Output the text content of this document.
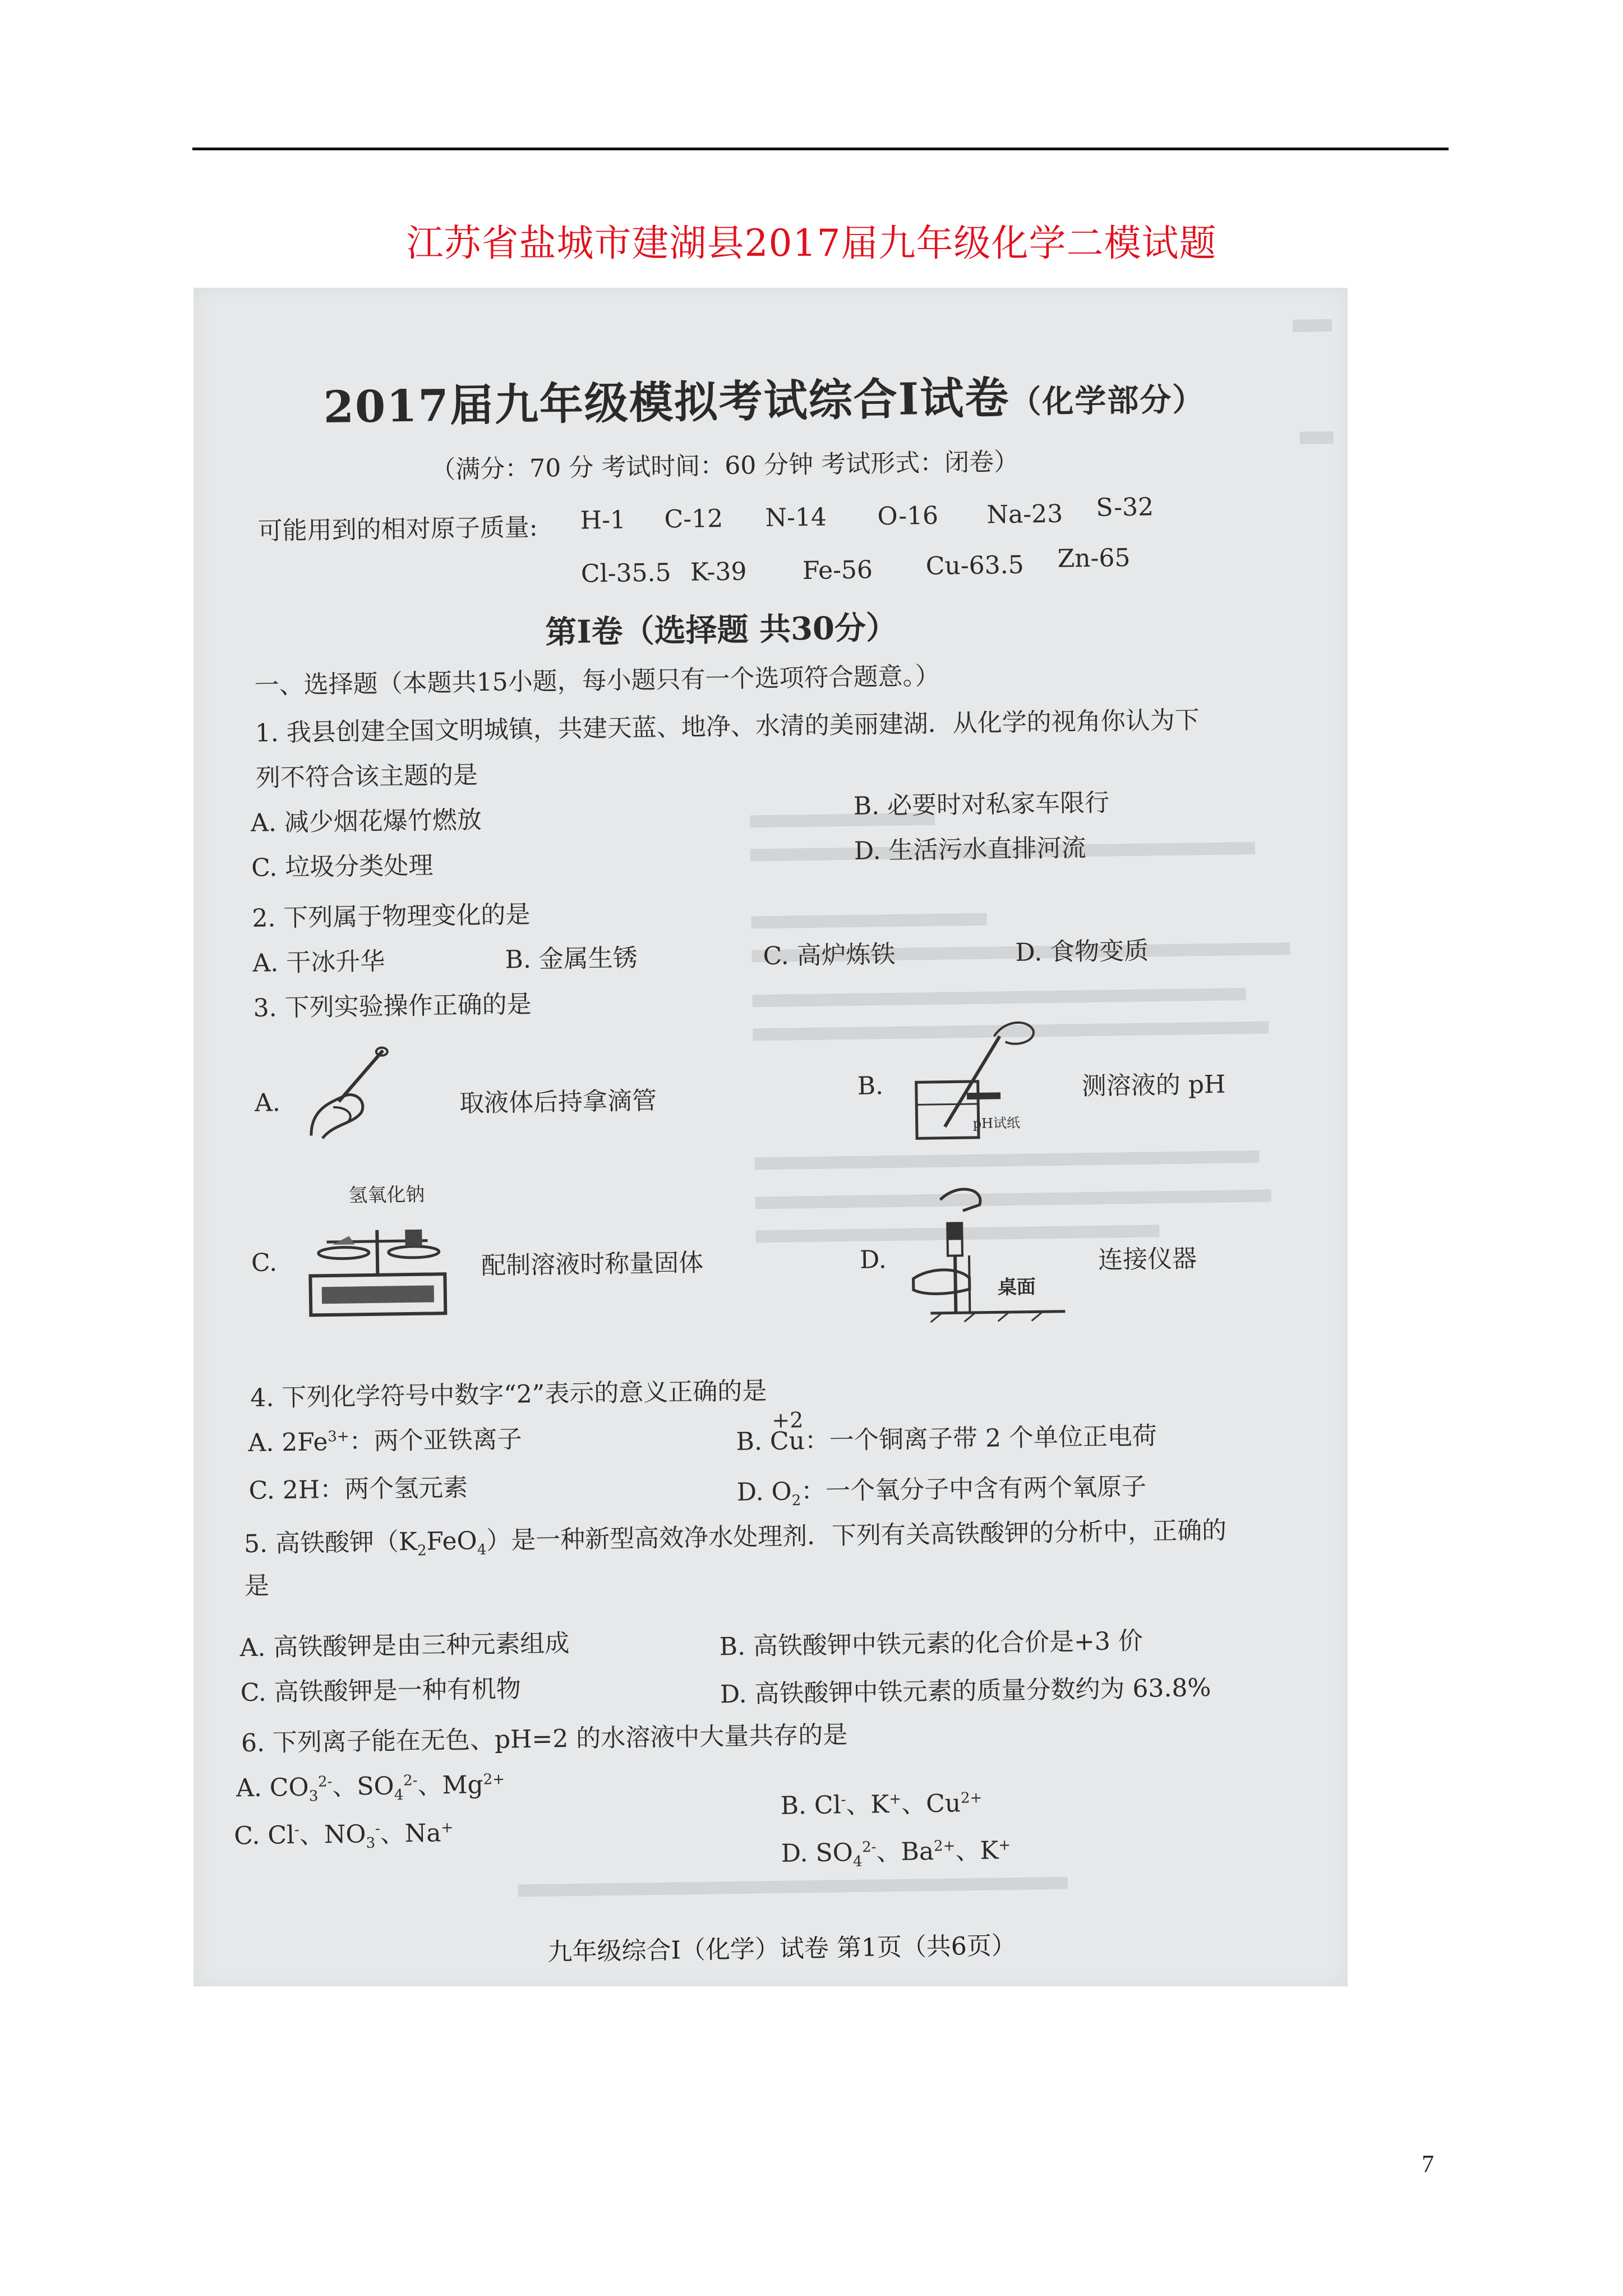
江苏省盐城市建湖县2017届九年级化学二模试题
2017届九年级模拟考试综合Ⅰ试卷（化学部分）
（满分：70 分 考试时间：60 分钟 考试形式：闭卷）
可能用到的相对原子质量: H-1 C-12 N-14 O-16 Na-23 S-32
Cl-35.5 K-39 Fe-56 Cu-63.5 Zn-65
第Ⅰ卷（选择题 共30分）
一、选择题（本题共15小题，每小题只有一个选项符合题意。）
1. 我县创建全国文明城镇，共建天蓝、地净、水清的美丽建湖．从化学的视角你认为下
列不符合该主题的是
A. 减少烟花爆竹燃放
B. 必要时对私家车限行
C. 垃圾分类处理
D. 生活污水直排河流
2. 下列属于物理变化的是
A. 干冰升华	B. 金属生锈	C. 高炉炼铁	D. 食物变质
3. 下列实验操作正确的是
A.	取液体后持拿滴管
B.
pH试纸
测溶液的 pH
氢氧化钠
C.	配制溶液时称量固体	D.
桌面
连接仪器
4. 下列化学符号中数字“2”表示的意义正确的是
A. $2Fe^{3+}$：两个亚铁离子	B.
+2
Cu：一个铜离子带 2 个单位正电荷
C. 2H：两个氢元素	D. $O_2$：一个氧分子中含有两个氧原子
5. 高铁酸钾$(K_2FeO_4)$是一种新型高效净水处理剂．下列有关高铁酸钾的分析中，正确的
是
A. 高铁酸钾是由三种元素组成	B. 高铁酸钾中铁元素的化合价是+3 价
C. 高铁酸钾是一种有机物	D. 高铁酸钾中铁元素的质量分数约为 63.8%
6. 下列离子能在无色、pH=2 的水溶液中大量共存的是
A. $CO_3^{2-}$、$SO_4^{2-}$、$Mg^{2+}$
B. Cl-、K+、$Cu^{2+}$
C. Cl-、$NO_3^-$、Na+
D. $SO_4^{2-}$、$Ba^{2+}$、K+
九年级综合Ⅰ（化学）试卷 第1页（共6页）
7
